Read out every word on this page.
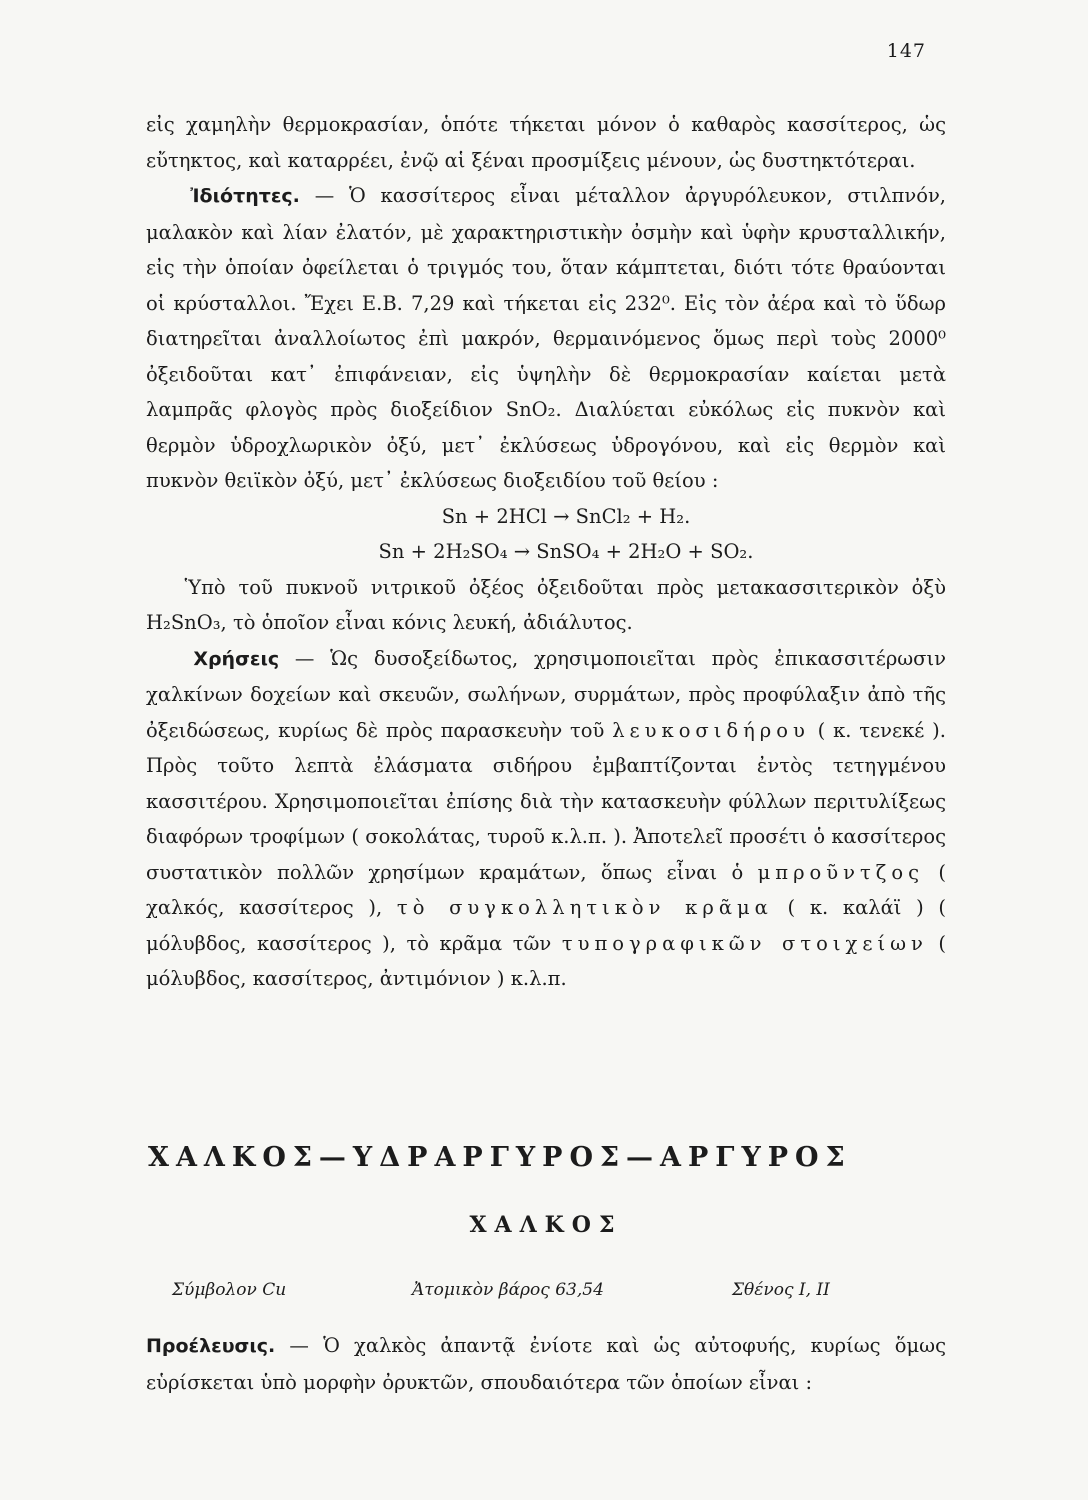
147

εἰς χαμηλὴν θερμοκρασίαν, ὁπότε τήκεται μόνον ὁ καθαρὸς κασσίτερος, ὡς εὔτηκτος, καὶ καταρρέει, ἐνῷ αἱ ξέναι προσμίξεις μένουν, ὡς δυστηκτότεραι.

Ἰδιότητες. — Ὁ κασσίτερος εἶναι μέταλλον ἀργυρόλευκον, στιλπνόν, μαλακὸν καὶ λίαν ἐλατόν, μὲ χαρακτηριστικὴν ὀσμὴν καὶ ὑφὴν κρυσταλλικήν, εἰς τὴν ὁποίαν ὀφείλεται ὁ τριγμός του, ὅταν κάμπτεται, διότι τότε θραύονται οἱ κρύσταλλοι. Ἔχει Ε.Β. 7,29 καὶ τήκεται εἰς 232⁰. Εἰς τὸν ἀέρα καὶ τὸ ὕδωρ διατηρεῖται ἀναλλοίωτος ἐπὶ μακρόν, θερμαινόμενος ὅμως περὶ τοὺς 2000⁰ ὀξειδοῦται κατ᾽ ἐπιφάνειαν, εἰς ὑψηλὴν δὲ θερμοκρασίαν καίεται μετὰ λαμπρᾶς φλογὸς πρὸς διοξείδιον SnO₂. Διαλύεται εὐκόλως εἰς πυκνὸν καὶ θερμὸν ὑδροχλωρικὸν ὀξύ, μετ᾽ ἐκλύσεως ὑδρογόνου, καὶ εἰς θερμὸν καὶ πυκνὸν θειϊκὸν ὀξύ, μετ᾽ ἐκλύσεως διοξειδίου τοῦ θείου :

Sn + 2HCl → SnCl₂ + H₂.

Sn + 2H₂SO₄ → SnSO₄ + 2H₂O + SO₂.

Ὑπὸ τοῦ πυκνοῦ νιτρικοῦ ὀξέος ὀξειδοῦται πρὸς μετακασσιτερικὸν ὀξὺ H₂SnO₃, τὸ ὁποῖον εἶναι κόνις λευκή, ἀδιάλυτος.

Χρήσεις — Ὡς δυσοξείδωτος, χρησιμοποιεῖται πρὸς ἐπικασσιτέρωσιν χαλκίνων δοχείων καὶ σκευῶν, σωλήνων, συρμάτων, πρὸς προφύλαξιν ἀπὸ τῆς ὀξειδώσεως, κυρίως δὲ πρὸς παρασκευὴν τοῦ λευκοσιδήρου ( κ. τενεκέ ). Πρὸς τοῦτο λεπτὰ ἐλάσματα σιδήρου ἐμβαπτίζονται ἐντὸς τετηγμένου κασσιτέρου. Χρησιμοποιεῖται ἐπίσης διὰ τὴν κατασκευὴν φύλλων περιτυλίξεως διαφόρων τροφίμων ( σοκολάτας, τυροῦ κ.λ.π. ). Ἀποτελεῖ προσέτι ὁ κασσίτερος συστατικὸν πολλῶν χρησίμων κραμάτων, ὅπως εἶναι ὁ μπροῦντζος ( χαλκός, κασσίτερος ), τὸ συγκολλητικὸν κρᾶμα ( κ. καλάϊ ) ( μόλυβδος, κασσίτερος ), τὸ κρᾶμα τῶν τυπογραφικῶν στοιχείων ( μόλυβδος, κασσίτερος, ἀντιμόνιον ) κ.λ.π.

ΧΑΛΚΟΣ—ΥΔΡΑΡΓΥΡΟΣ—ΑΡΓΥΡΟΣ
ΧΑΛΚΟΣ
Σύμβολον Cu	Ἀτομικὸν βάρος 63,54	Σθένος I, II

Προέλευσις. — Ὁ χαλκὸς ἀπαντᾷ ἐνίοτε καὶ ὡς αὐτοφυής, κυρίως ὅμως εὑρίσκεται ὑπὸ μορφὴν ὀρυκτῶν, σπουδαιότερα τῶν ὁποίων εἶναι :
